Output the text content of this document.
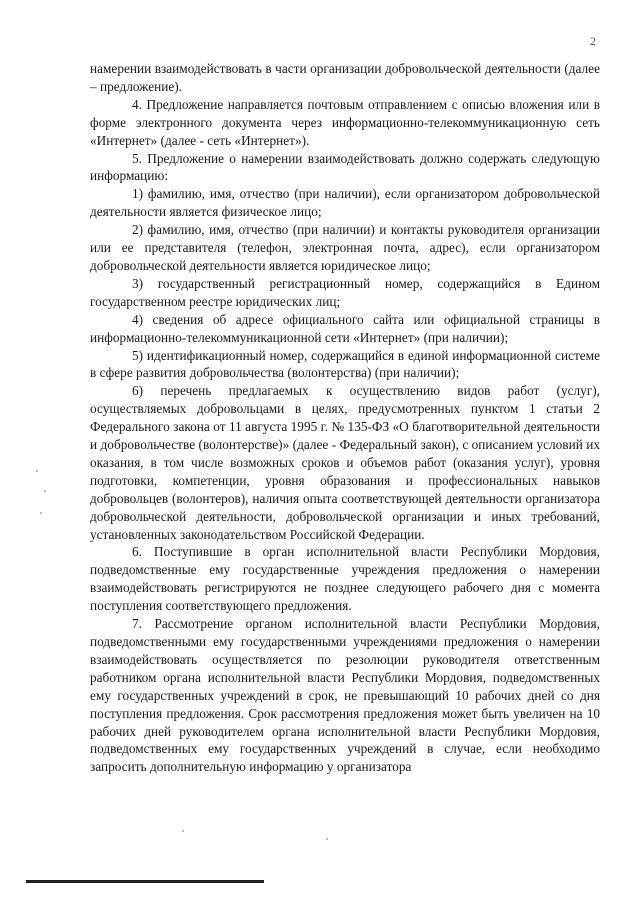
2

намерении взаимодействовать в части организации добровольческой деятельности (далее – предложение).

4. Предложение направляется почтовым отправлением с описью вложения или в форме электронного документа через информационно-телекоммуникационную сеть «Интернет» (далее - сеть «Интернет»).

5. Предложение о намерении взаимодействовать должно содержать следующую информацию:

1) фамилию, имя, отчество (при наличии), если организатором добровольческой деятельности является физическое лицо;

2) фамилию, имя, отчество (при наличии) и контакты руководителя организации или ее представителя (телефон, электронная почта, адрес), если организатором добровольческой деятельности является юридическое лицо;

3) государственный регистрационный номер, содержащийся в Едином государственном реестре юридических лиц;

4) сведения об адресе официального сайта или официальной страницы в информационно-телекоммуникационной сети «Интернет» (при наличии);

5) идентификационный номер, содержащийся в единой информационной системе в сфере развития добровольчества (волонтерства) (при наличии);

6) перечень предлагаемых к осуществлению видов работ (услуг), осуществляемых добровольцами в целях, предусмотренных пунктом 1 статьи 2 Федерального закона от 11 августа 1995 г. № 135-ФЗ «О благотворительной деятельности и добровольчестве (волонтерстве)» (далее - Федеральный закон), с описанием условий их оказания, в том числе возможных сроков и объемов работ (оказания услуг), уровня подготовки, компетенции, уровня образования и профессиональных навыков добровольцев (волонтеров), наличия опыта соответствующей деятельности организатора добровольческой деятельности, добровольческой организации и иных требований, установленных законодательством Российской Федерации.

6. Поступившие в орган исполнительной власти Республики Мордовия, подведомственные ему государственные учреждения предложения о намерении взаимодействовать регистрируются не позднее следующего рабочего дня с момента поступления соответствующего предложения.

7. Рассмотрение органом исполнительной власти Республики Мордовия, подведомственными ему государственными учреждениями предложения о намерении взаимодействовать осуществляется по резолюции руководителя ответственным работником органа исполнительной власти Республики Мордовия, подведомственных ему государственных учреждений в срок, не превышающий 10 рабочих дней со дня поступления предложения. Срок рассмотрения предложения может быть увеличен на 10 рабочих дней руководителем органа исполнительной власти Республики Мордовия, подведомственных ему государственных учреждений в случае, если необходимо запросить дополнительную информацию у организатора
